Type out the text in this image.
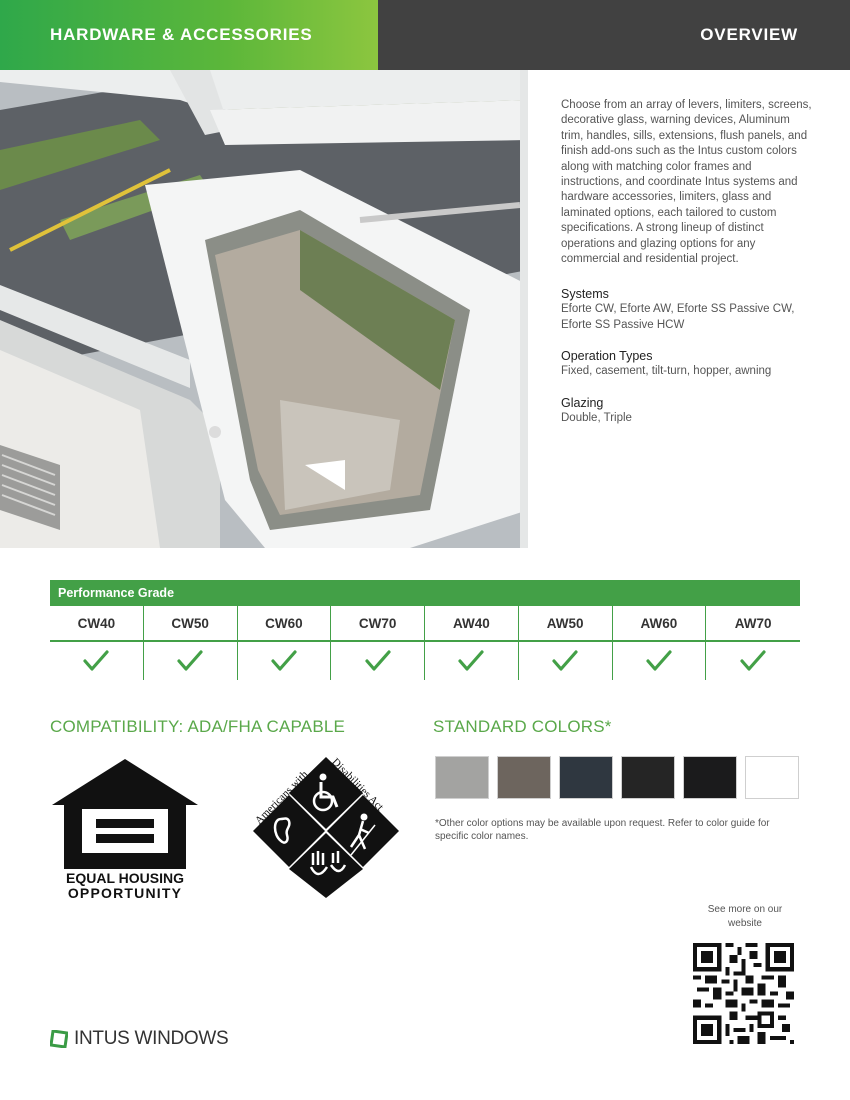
HARDWARE & ACCESSORIES	OVERVIEW

Choose from an array of levers, limiters, screens, decorative glass, warning devices, Aluminum trim, handles, sills, extensions, flush panels, and finish add-ons such as the Intus custom colors along with matching color frames and instructions, and coordinate Intus systems and hardware accessories, limiters, glass and laminated options, each tailored to custom specifications. A strong lineup of distinct operations and glazing options for any commercial and residential project.

Systems
Eforte CW, Eforte AW, Eforte SS Passive CW, Eforte SS Passive HCW
Operation Types
Fixed, casement, tilt-turn, hopper, awning
Glazing
Double, Triple
Performance Grade
CW40	CW50	CW60	CW70	AW40	AW50	AW60	AW70
COMPATIBILITY: ADA/FHA CAPABLE
EQUAL HOUSING
OPPORTUNITY
Americans with
Disabilities Act
STANDARD COLORS*
*Other color options may be available upon request. Refer to color guide for specific color names.
See more on our website
INTUS WINDOWS
